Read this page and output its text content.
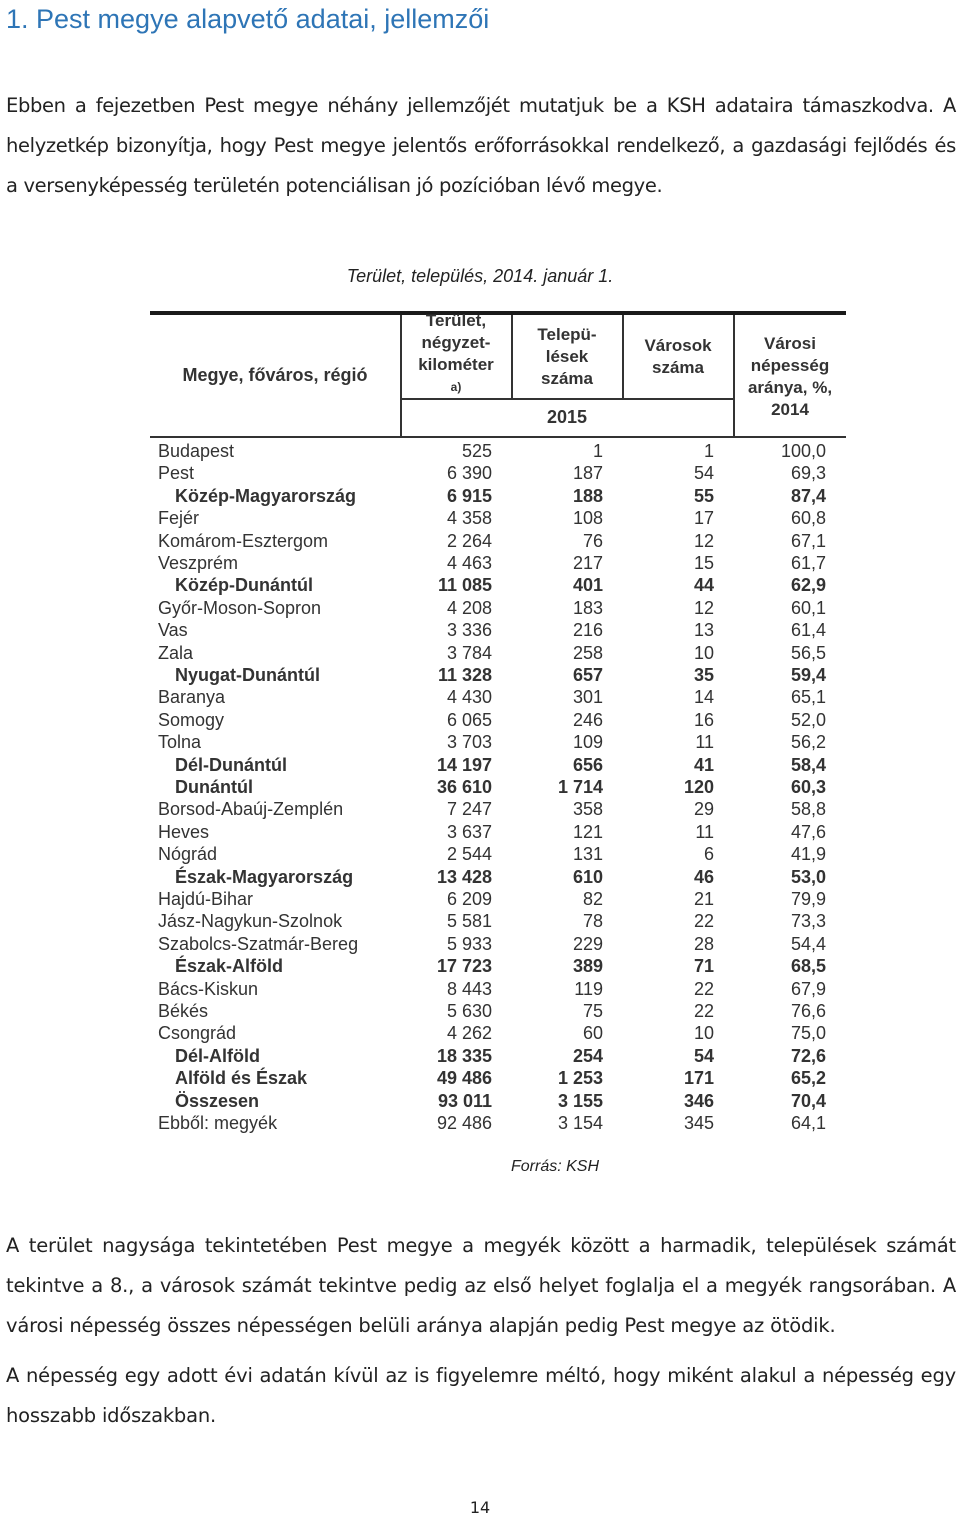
1. Pest megye alapvető adatai, jellemzői
Ebben a fejezetben Pest megye néhány jellemzőjét mutatjuk be a KSH adataira támaszkodva. A helyzetkép bizonyítja, hogy Pest megye jelentős erőforrásokkal rendelkező, a gazdasági fejlődés és a versenyképesség területén potenciálisan jó pozícióban lévő megye.
Terület, település, 2014. január 1.
Megye, főváros, régió
Terület, négyzet-kilométer$^{a)}$
Telepü-lések száma
Városok száma
Városi népesség aránya, %, 2014
2015
Budapest	525	1	1	100,0
Pest	6 390	187	54	69,3
Közép-Magyarország	6 915	188	55	87,4
Fejér	4 358	108	17	60,8
Komárom-Esztergom	2 264	76	12	67,1
Veszprém	4 463	217	15	61,7
Közép-Dunántúl	11 085	401	44	62,9
Győr-Moson-Sopron	4 208	183	12	60,1
Vas	3 336	216	13	61,4
Zala	3 784	258	10	56,5
Nyugat-Dunántúl	11 328	657	35	59,4
Baranya	4 430	301	14	65,1
Somogy	6 065	246	16	52,0
Tolna	3 703	109	11	56,2
Dél-Dunántúl	14 197	656	41	58,4
Dunántúl	36 610	1 714	120	60,3
Borsod-Abaúj-Zemplén	7 247	358	29	58,8
Heves	3 637	121	11	47,6
Nógrád	2 544	131	6	41,9
Észak-Magyarország	13 428	610	46	53,0
Hajdú-Bihar	6 209	82	21	79,9
Jász-Nagykun-Szolnok	5 581	78	22	73,3
Szabolcs-Szatmár-Bereg	5 933	229	28	54,4
Észak-Alföld	17 723	389	71	68,5
Bács-Kiskun	8 443	119	22	67,9
Békés	5 630	75	22	76,6
Csongrád	4 262	60	10	75,0
Dél-Alföld	18 335	254	54	72,6
Alföld és Észak	49 486	1 253	171	65,2
Összesen	93 011	3 155	346	70,4
Ebből: megyék	92 486	3 154	345	64,1
Forrás: KSH
A terület nagysága tekintetében Pest megye a megyék között a harmadik, települések számát tekintve a 8., a városok számát tekintve pedig az első helyet foglalja el a megyék rangsorában. A városi népesség összes népességen belüli aránya alapján pedig Pest megye az ötödik.
A népesség egy adott évi adatán kívül az is figyelemre méltó, hogy miként alakul a népesség egy hosszabb időszakban.
14
